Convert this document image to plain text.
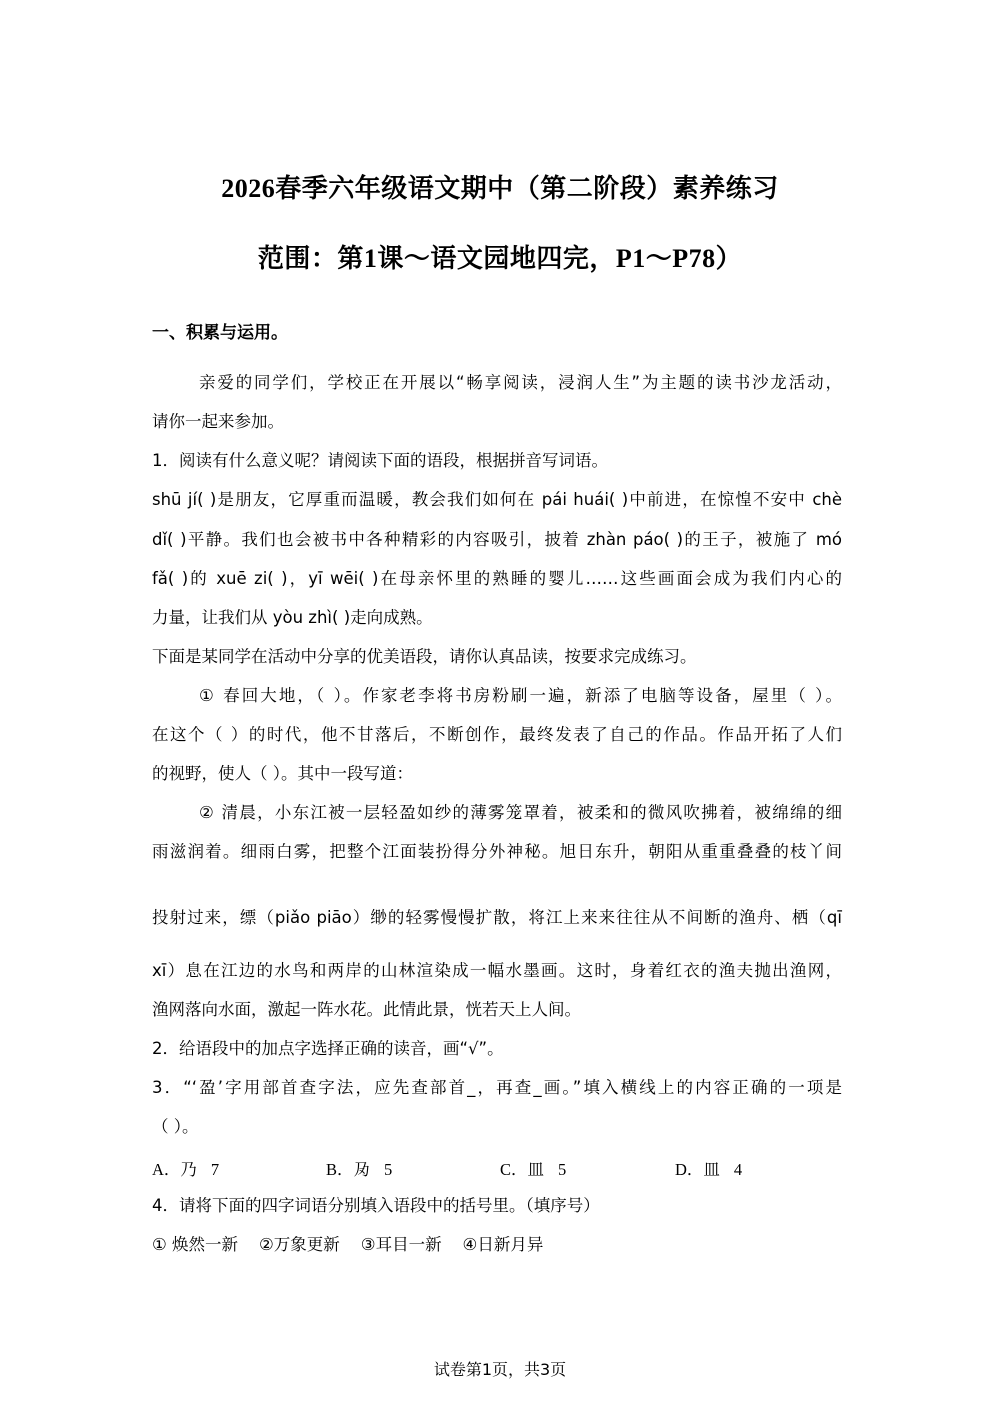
2026春季六年级语文期中（第二阶段）素养练习
范围：第1课～语文园地四完，P1～P78）
一、积累与运用。
亲爱的同学们，学校正在开展以“畅享阅读，浸润人生”为主题的读书沙龙活动，
请你一起来参加。
1．阅读有什么意义呢？请阅读下面的语段，根据拼音写词语。
shū jí( )是朋友，它厚重而温暖，教会我们如何在 pái huái( )中前进，在惊惶不安中 chè
dǐ( )平静。我们也会被书中各种精彩的内容吸引，披着 zhàn páo( )的王子，被施了 mó
fǎ( )的 xuē zi( )，yī wēi( )在母亲怀里的熟睡的婴儿……这些画面会成为我们内心的
力量，让我们从 yòu zhì( )走向成熟。
下面是某同学在活动中分享的优美语段，请你认真品读，按要求完成练习。
① 春回大地，（ ）。作家老李将书房粉刷一遍，新添了电脑等设备，屋里（ ）。
在这个（ ）的时代，他不甘落后，不断创作，最终发表了自己的作品。作品开拓了人们
的视野，使人（ ）。其中一段写道：
② 清晨，小东江被一层轻盈如纱的薄雾笼罩着，被柔和的微风吹拂着，被绵绵的细
雨滋润着。细雨白雾，把整个江面装扮得分外神秘。旭日东升，朝阳从重重叠叠的枝丫间
投射过来，缥（piǎo piāo）缈的轻雾慢慢扩散，将江上来来往往从不间断的渔舟、栖（qī
xī）息在江边的水鸟和两岸的山林渲染成一幅水墨画。这时，身着红衣的渔夫抛出渔网，
渔网落向水面，激起一阵水花。此情此景，恍若天上人间。
2．给语段中的加点字选择正确的读音，画“√”。
3．“‘盈’字用部首查字法，应先查部首_，再查_画。”填入横线上的内容正确的一项是
（ ）。
A．乃 7	B．夃 5	C．皿 5	D．皿 4
4．请将下面的四字词语分别填入语段中的括号里。（填序号）
① 焕然一新    ②万象更新    ③耳目一新    ④日新月异
试卷第1页，共3页
